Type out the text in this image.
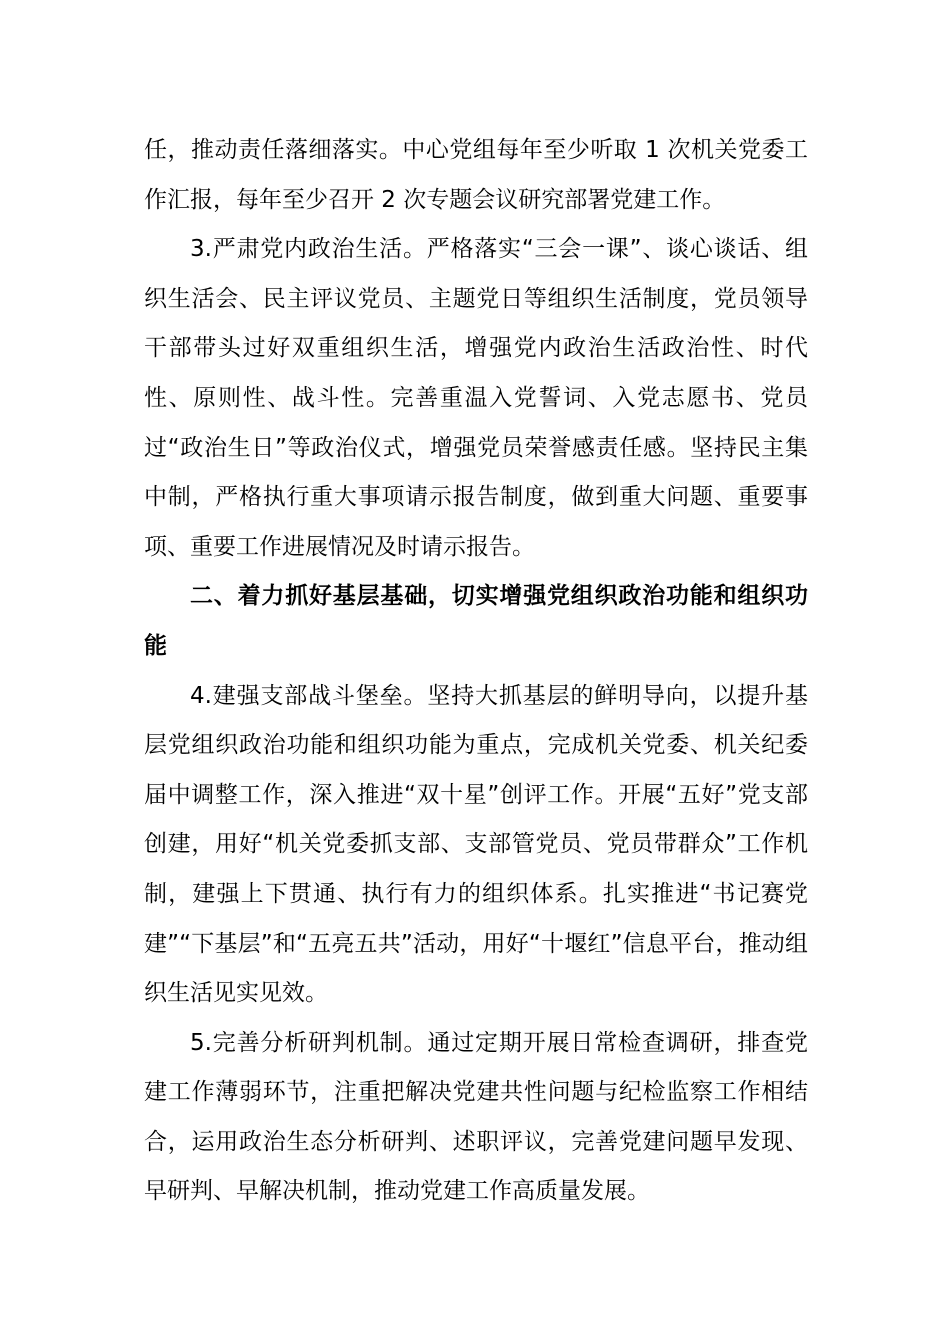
任，推动责任落细落实。中心党组每年至少听取 1 次机关党委工作汇报，每年至少召开 2 次专题会议研究部署党建工作。

3.严肃党内政治生活。严格落实“三会一课”、谈心谈话、组织生活会、民主评议党员、主题党日等组织生活制度，党员领导干部带头过好双重组织生活，增强党内政治生活政治性、时代性、原则性、战斗性。完善重温入党誓词、入党志愿书、党员过“政治生日”等政治仪式，增强党员荣誉感责任感。坚持民主集中制，严格执行重大事项请示报告制度，做到重大问题、重要事项、重要工作进展情况及时请示报告。

二、着力抓好基层基础，切实增强党组织政治功能和组织功能

4.建强支部战斗堡垒。坚持大抓基层的鲜明导向，以提升基层党组织政治功能和组织功能为重点，完成机关党委、机关纪委届中调整工作，深入推进“双十星”创评工作。开展“五好”党支部创建，用好“机关党委抓支部、支部管党员、党员带群众”工作机制，建强上下贯通、执行有力的组织体系。扎实推进“书记赛党建”“下基层”和“五亮五共”活动，用好“十堰红”信息平台，推动组织生活见实见效。

5.完善分析研判机制。通过定期开展日常检查调研，排查党建工作薄弱环节，注重把解决党建共性问题与纪检监察工作相结合，运用政治生态分析研判、述职评议，完善党建问题早发现、早研判、早解决机制，推动党建工作高质量发展。
